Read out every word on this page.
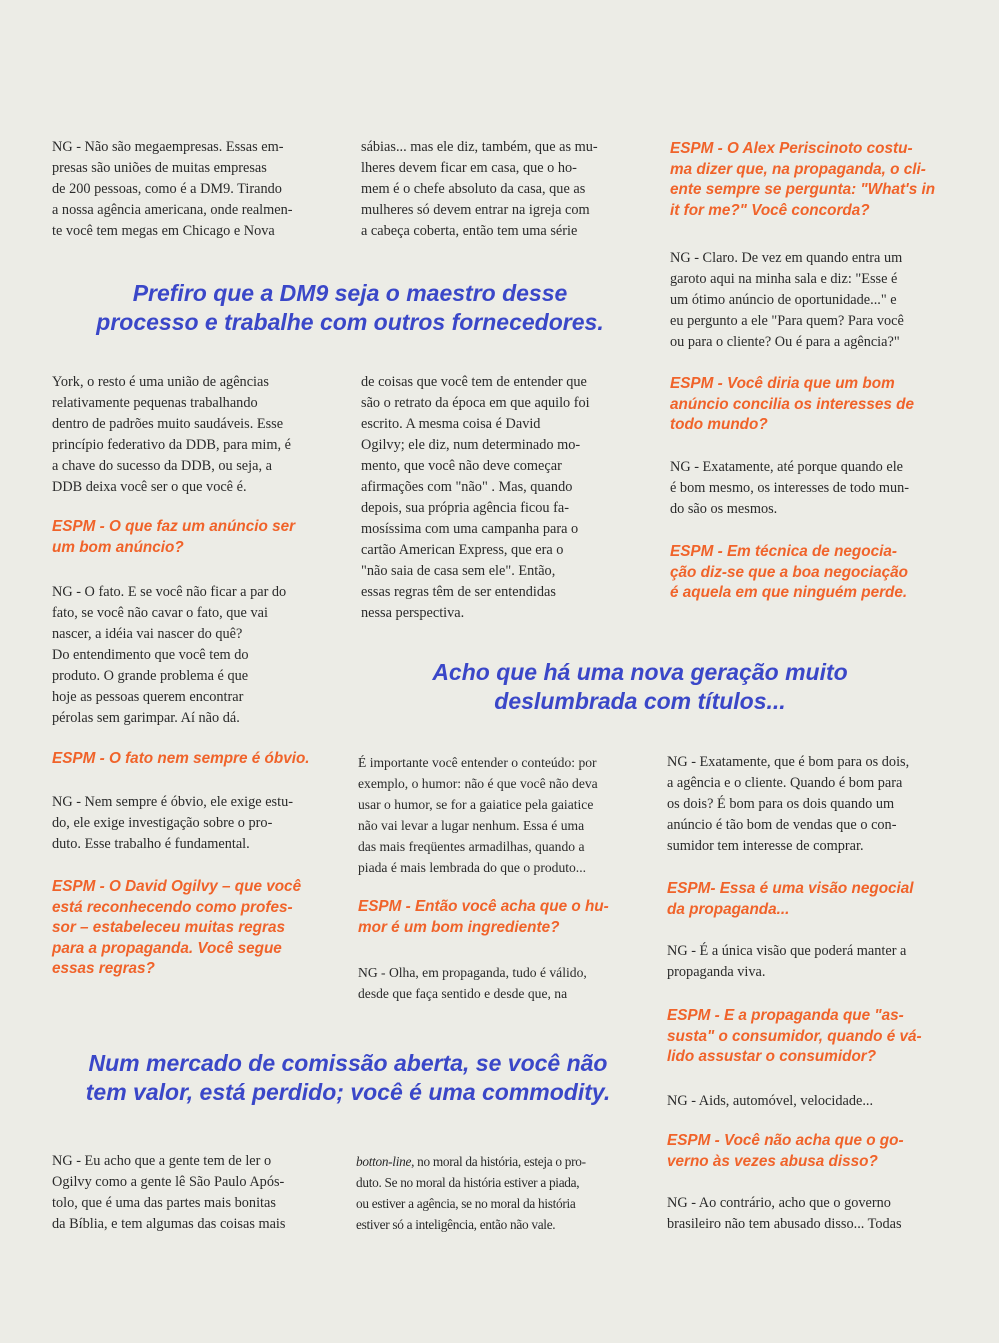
NG - Não são megaempresas. Essas em-
presas são uniões de muitas empresas
de 200 pessoas, como é a DM9. Tirando
a nossa agência americana, onde realmen-
te você tem megas em Chicago e Nova
York, o resto é uma união de agências
relativamente pequenas trabalhando
dentro de padrões muito saudáveis. Esse
princípio federativo da DDB, para mim, é
a chave do sucesso da DDB, ou seja, a
DDB deixa você ser o que você é.
ESPM - O que faz um anúncio ser
um bom anúncio?
NG - O fato. E se você não ficar a par do
fato, se você não cavar o fato, que vai
nascer, a idéia vai nascer do quê?
Do entendimento que você tem do
produto. O grande problema é que
hoje as pessoas querem encontrar
pérolas sem garimpar. Aí não dá.
ESPM - O fato nem sempre é óbvio.
NG - Nem sempre é óbvio, ele exige estu-
do, ele exige investigação sobre o pro-
duto. Esse trabalho é fundamental.
ESPM - O David Ogilvy – que você
está reconhecendo como profes-
sor – estabeleceu muitas regras
para a propaganda. Você segue
essas regras?
NG - Eu acho que a gente tem de ler o
Ogilvy como a gente lê São Paulo Após-
tolo, que é uma das partes mais bonitas
da Bíblia, e tem algumas das coisas mais
sábias... mas ele diz, também, que as mu-
lheres devem ficar em casa, que o ho-
mem é o chefe absoluto da casa, que as
mulheres só devem entrar na igreja com
a cabeça coberta, então tem uma série
de coisas que você tem de entender que
são o retrato da época em que aquilo foi
escrito. A mesma coisa é David
Ogilvy; ele diz, num determinado mo-
mento, que você não deve começar
afirmações com "não" . Mas, quando
depois, sua própria agência ficou fa-
mosíssima com uma campanha para o
cartão American Express, que era o
"não saia de casa sem ele". Então,
essas regras têm de ser entendidas
nessa perspectiva.
É importante você entender o conteúdo: por
exemplo, o humor: não é que você não deva
usar o humor, se for a gaiatice pela gaiatice
não vai levar a lugar nenhum. Essa é uma
das mais freqüentes armadilhas, quando a
piada é mais lembrada do que o produto...
ESPM - Então você acha que o hu-
mor é um bom ingrediente?
NG - Olha, em propaganda, tudo é válido,
desde que faça sentido e desde que, na
botton-line, no moral da história, esteja o pro-
duto. Se no moral da história estiver a piada,
ou estiver a agência, se no moral da história
estiver só a inteligência, então não vale.
ESPM - O Alex Periscinoto costu-
ma dizer que, na propaganda, o cli-
ente sempre se pergunta: "What's in
it for me?" Você concorda?
NG - Claro. De vez em quando entra um
garoto aqui na minha sala e diz: "Esse é
um ótimo anúncio de oportunidade..." e
eu pergunto a ele "Para quem? Para você
ou para o cliente? Ou é para a agência?"
ESPM - Você diria que um bom
anúncio concilia os interesses de
todo mundo?
NG - Exatamente, até porque quando ele
é bom mesmo, os interesses de todo mun-
do são os mesmos.
ESPM - Em técnica de negocia-
ção diz-se que a boa negociação
é aquela em que ninguém perde.
NG - Exatamente, que é bom para os dois,
a agência e o cliente. Quando é bom para
os dois? É bom para os dois quando um
anúncio é tão bom de vendas que o con-
sumidor tem interesse de comprar.
ESPM- Essa é uma visão negocial
da propaganda...
NG - É a única visão que poderá manter a
propaganda viva.
ESPM - E a propaganda que "as-
susta" o consumidor, quando é vá-
lido assustar o consumidor?
NG - Aids, automóvel, velocidade...
ESPM - Você não acha que o go-
verno às vezes abusa disso?
NG - Ao contrário, acho que o governo
brasileiro não tem abusado disso... Todas
Prefiro que a DM9 seja o maestro desse
processo e trabalhe com outros fornecedores.
Acho que há uma nova geração muito
deslumbrada com títulos...
Num mercado de comissão aberta, se você não
tem valor, está perdido; você é uma commodity.
